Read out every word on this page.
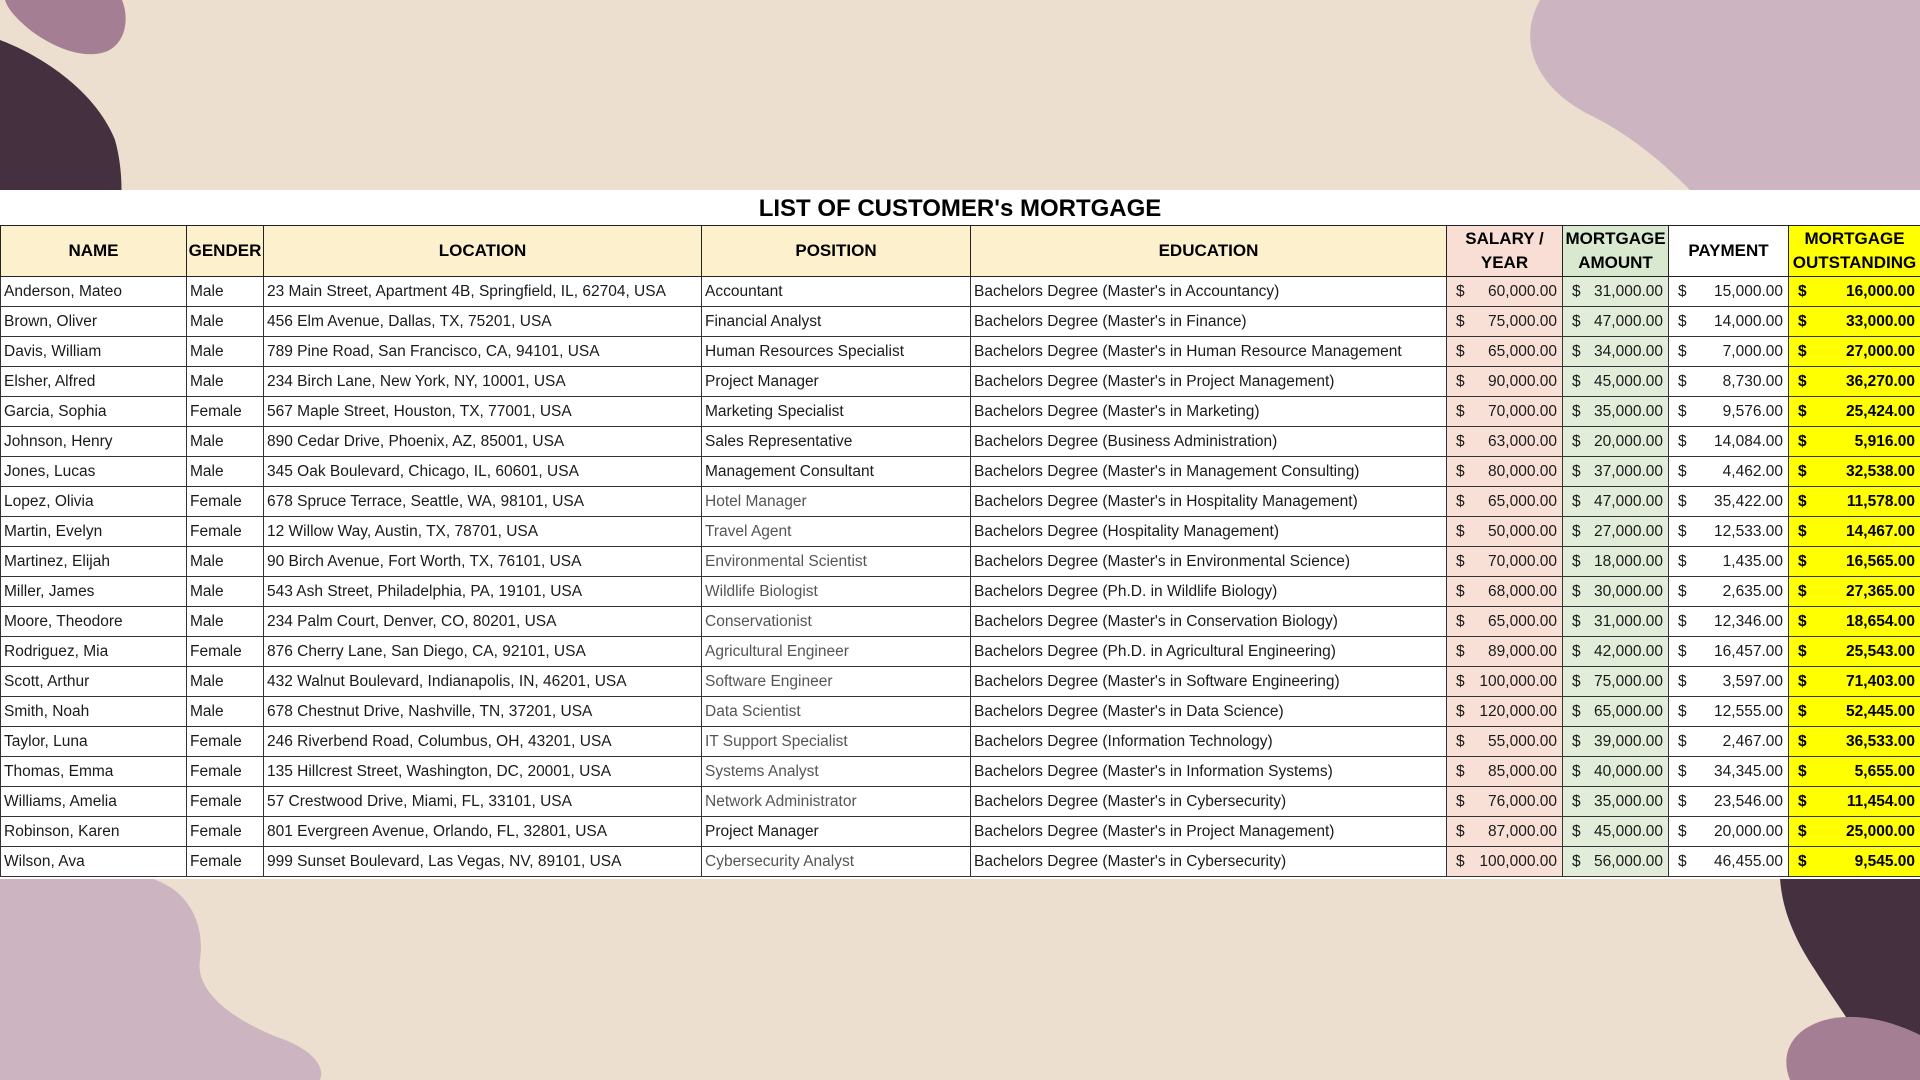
LIST OF CUSTOMER's MORTGAGE
NAME	GENDER	LOCATION	POSITION	EDUCATION	SALARY / YEAR	MORTGAGE AMOUNT	PAYMENT	MORTGAGE OUTSTANDING
Anderson, Mateo	Male	23 Main Street, Apartment 4B, Springfield, IL, 62704, USA	Accountant	Bachelors Degree (Master's in Accountancy)	$ 60,000.00	$ 31,000.00	$ 15,000.00	$ 16,000.00

Brown, Oliver	Male	456 Elm Avenue, Dallas, TX, 75201, USA	Financial Analyst	Bachelors Degree (Master's in Finance)	$ 75,000.00	$ 47,000.00	$ 14,000.00	$ 33,000.00

Davis, William	Male	789 Pine Road, San Francisco, CA, 94101, USA	Human Resources Specialist	Bachelors Degree (Master's in Human Resource Management	$ 65,000.00	$ 34,000.00	$ 7,000.00	$ 27,000.00

Elsher, Alfred	Male	234 Birch Lane, New York, NY, 10001, USA	Project Manager	Bachelors Degree (Master's in Project Management)	$ 90,000.00	$ 45,000.00	$ 8,730.00	$ 36,270.00

Garcia, Sophia	Female	567 Maple Street, Houston, TX, 77001, USA	Marketing Specialist	Bachelors Degree (Master's in Marketing)	$ 70,000.00	$ 35,000.00	$ 9,576.00	$ 25,424.00

Johnson, Henry	Male	890 Cedar Drive, Phoenix, AZ, 85001, USA	Sales Representative	Bachelors Degree (Business Administration)	$ 63,000.00	$ 20,000.00	$ 14,084.00	$ 5,916.00

Jones, Lucas	Male	345 Oak Boulevard, Chicago, IL, 60601, USA	Management Consultant	Bachelors Degree (Master's in Management Consulting)	$ 80,000.00	$ 37,000.00	$ 4,462.00	$ 32,538.00

Lopez, Olivia	Female	678 Spruce Terrace, Seattle, WA, 98101, USA	Hotel Manager	Bachelors Degree (Master's in Hospitality Management)	$ 65,000.00	$ 47,000.00	$ 35,422.00	$ 11,578.00

Martin, Evelyn	Female	12 Willow Way, Austin, TX, 78701, USA	Travel Agent	Bachelors Degree (Hospitality Management)	$ 50,000.00	$ 27,000.00	$ 12,533.00	$ 14,467.00

Martinez, Elijah	Male	90 Birch Avenue, Fort Worth, TX, 76101, USA	Environmental Scientist	Bachelors Degree (Master's in Environmental Science)	$ 70,000.00	$ 18,000.00	$ 1,435.00	$ 16,565.00

Miller, James	Male	543 Ash Street, Philadelphia, PA, 19101, USA	Wildlife Biologist	Bachelors Degree (Ph.D. in Wildlife Biology)	$ 68,000.00	$ 30,000.00	$ 2,635.00	$ 27,365.00

Moore, Theodore	Male	234 Palm Court, Denver, CO, 80201, USA	Conservationist	Bachelors Degree (Master's in Conservation Biology)	$ 65,000.00	$ 31,000.00	$ 12,346.00	$ 18,654.00

Rodriguez, Mia	Female	876 Cherry Lane, San Diego, CA, 92101, USA	Agricultural Engineer	Bachelors Degree (Ph.D. in Agricultural Engineering)	$ 89,000.00	$ 42,000.00	$ 16,457.00	$ 25,543.00

Scott, Arthur	Male	432 Walnut Boulevard, Indianapolis, IN, 46201, USA	Software Engineer	Bachelors Degree (Master's in Software Engineering)	$ 100,000.00	$ 75,000.00	$ 3,597.00	$ 71,403.00

Smith, Noah	Male	678 Chestnut Drive, Nashville, TN, 37201, USA	Data Scientist	Bachelors Degree (Master's in Data Science)	$ 120,000.00	$ 65,000.00	$ 12,555.00	$ 52,445.00

Taylor, Luna	Female	246 Riverbend Road, Columbus, OH, 43201, USA	IT Support Specialist	Bachelors Degree (Information Technology)	$ 55,000.00	$ 39,000.00	$ 2,467.00	$ 36,533.00

Thomas, Emma	Female	135 Hillcrest Street, Washington, DC, 20001, USA	Systems Analyst	Bachelors Degree (Master's in Information Systems)	$ 85,000.00	$ 40,000.00	$ 34,345.00	$ 5,655.00

Williams, Amelia	Female	57 Crestwood Drive, Miami, FL, 33101, USA	Network Administrator	Bachelors Degree (Master's in Cybersecurity)	$ 76,000.00	$ 35,000.00	$ 23,546.00	$ 11,454.00

Robinson, Karen	Female	801 Evergreen Avenue, Orlando, FL, 32801, USA	Project Manager	Bachelors Degree (Master's in Project Management)	$ 87,000.00	$ 45,000.00	$ 20,000.00	$ 25,000.00

Wilson, Ava	Female	999 Sunset Boulevard, Las Vegas, NV, 89101, USA	Cybersecurity Analyst	Bachelors Degree (Master's in Cybersecurity)	$ 100,000.00	$ 56,000.00	$ 46,455.00	$ 9,545.00
